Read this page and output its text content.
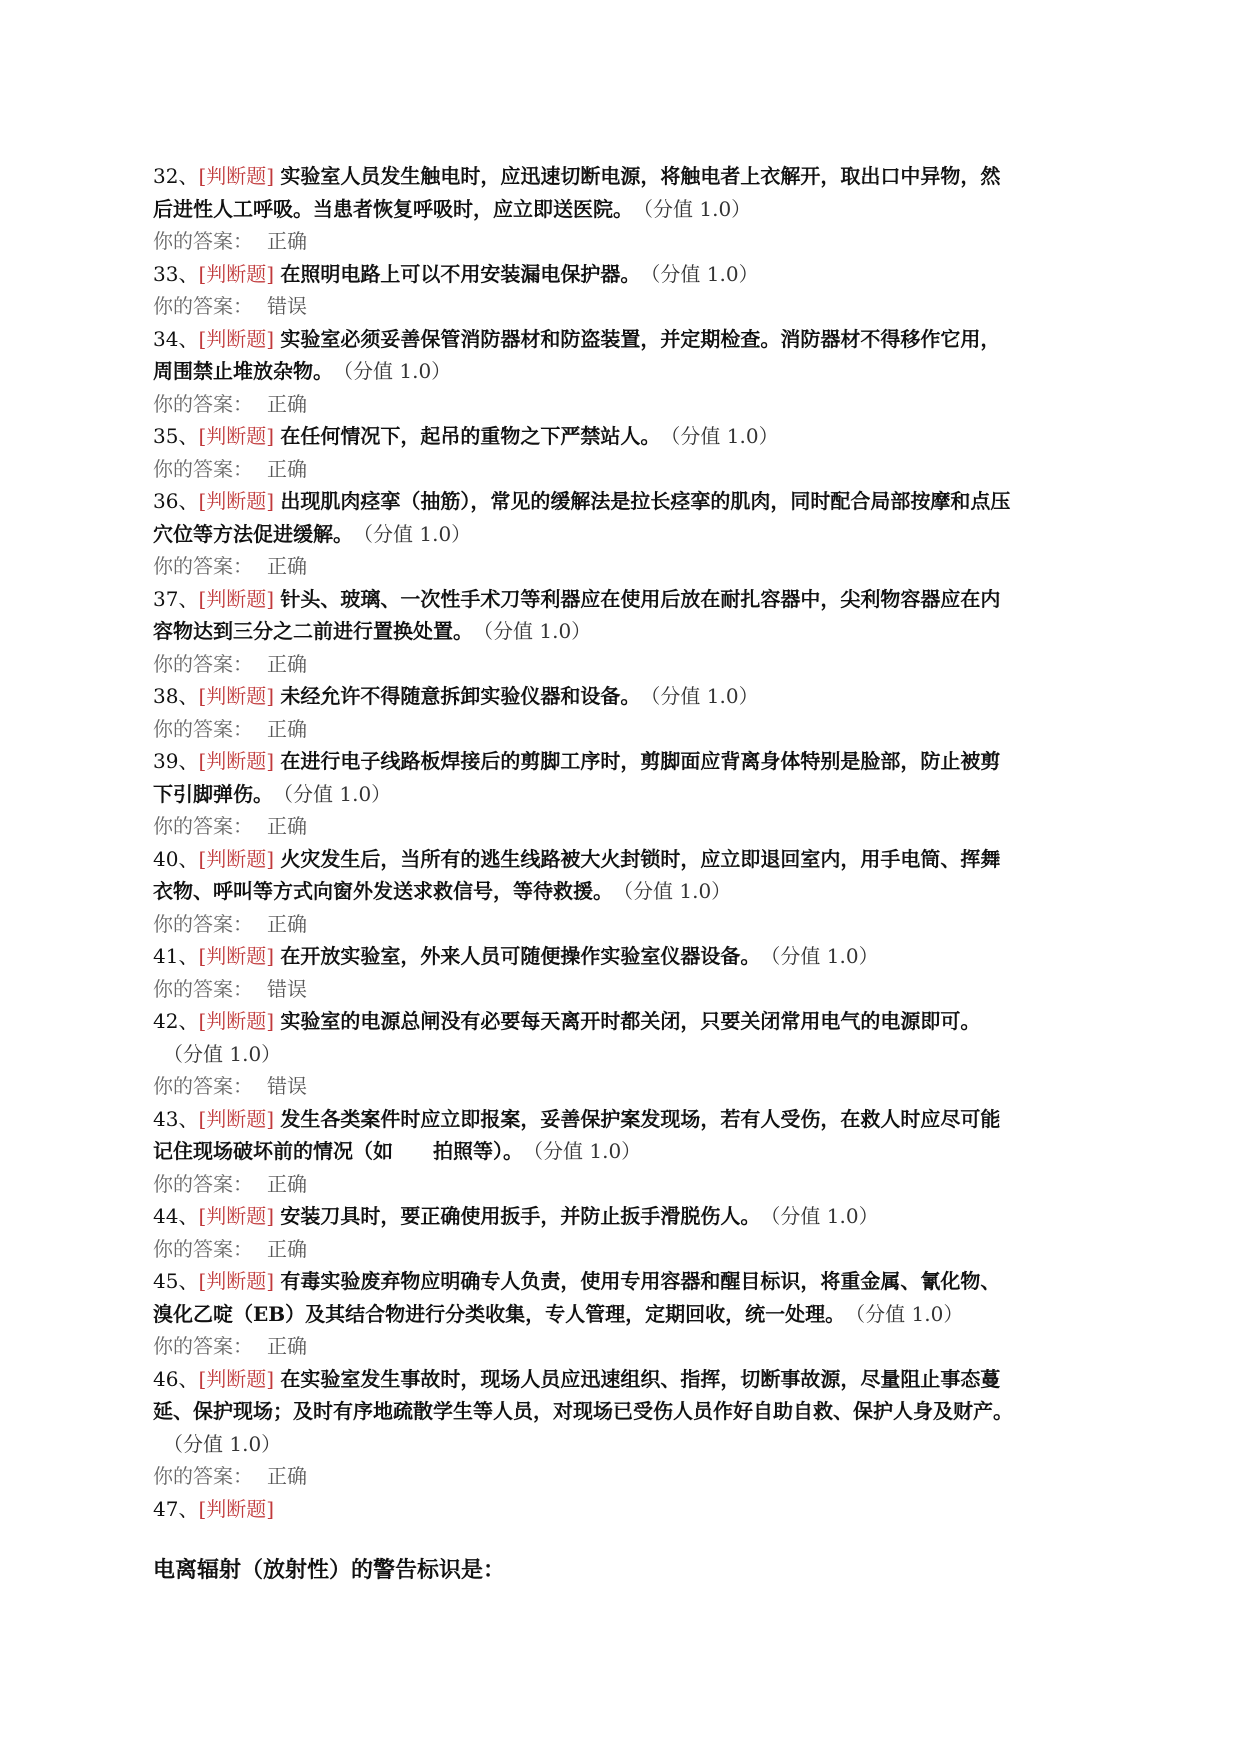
32、[判断题] 实验室人员发生触电时，应迅速切断电源，将触电者上衣解开，取出口中异物，然

后进性人工呼吸。当患者恢复呼吸时，应立即送医院。　 （分值 1.0）

你的答案： 正确

33、[判断题] 在照明电路上可以不用安装漏电保护器。　 （分值 1.0）

你的答案： 错误

34、[判断题] 实验室必须妥善保管消防器材和防盗装置，并定期检查。消防器材不得移作它用，

周围禁止堆放杂物。　 （分值 1.0）

你的答案： 正确

35、[判断题] 在任何情况下，起吊的重物之下严禁站人。　 （分值 1.0）

你的答案： 正确

36、[判断题] 出现肌肉痉挛（抽筋），常见的缓解法是拉长痉挛的肌肉，同时配合局部按摩和点压

穴位等方法促进缓解。　 （分值 1.0）

你的答案： 正确

37、[判断题] 针头、玻璃、一次性手术刀等利器应在使用后放在耐扎容器中，尖利物容器应在内

容物达到三分之二前进行置换处置。　 （分值 1.0）

你的答案： 正确

38、[判断题] 未经允许不得随意拆卸实验仪器和设备。　 （分值 1.0）

你的答案： 正确

39、[判断题] 在进行电子线路板焊接后的剪脚工序时，剪脚面应背离身体特别是脸部，防止被剪

下引脚弹伤。　 （分值 1.0）

你的答案： 正确

40、[判断题] 火灾发生后，当所有的逃生线路被大火封锁时，应立即退回室内，用手电筒、挥舞

衣物、呼叫等方式向窗外发送求救信号，等待救援。　 （分值 1.0）

你的答案： 正确

41、[判断题] 在开放实验室，外来人员可随便操作实验室仪器设备。　 （分值 1.0）

你的答案： 错误

42、[判断题] 实验室的电源总闸没有必要每天离开时都关闭，只要关闭常用电气的电源即可。

　（分值 1.0）

你的答案： 错误

43、[判断题] 发生各类案件时应立即报案，妥善保护案发现场，若有人受伤，在救人时应尽可能

记住现场破坏前的情况（如　　拍照等）。　 （分值 1.0）

你的答案： 正确

44、[判断题] 安装刀具时，要正确使用扳手，并防止扳手滑脱伤人。　 （分值 1.0）

你的答案： 正确

45、[判断题] 有毒实验废弃物应明确专人负责，使用专用容器和醒目标识，将重金属、氰化物、

溴化乙啶（EB）及其结合物进行分类收集，专人管理，定期回收，统一处理。　 （分值 1.0）

你的答案： 正确

46、[判断题] 在实验室发生事故时，现场人员应迅速组织、指挥，切断事故源，尽量阻止事态蔓

延、保护现场；及时有序地疏散学生等人员，对现场已受伤人员作好自助自救、保护人身及财产。

　（分值 1.0）

你的答案： 正确

47、[判断题]

电离辐射（放射性）的警告标识是：
